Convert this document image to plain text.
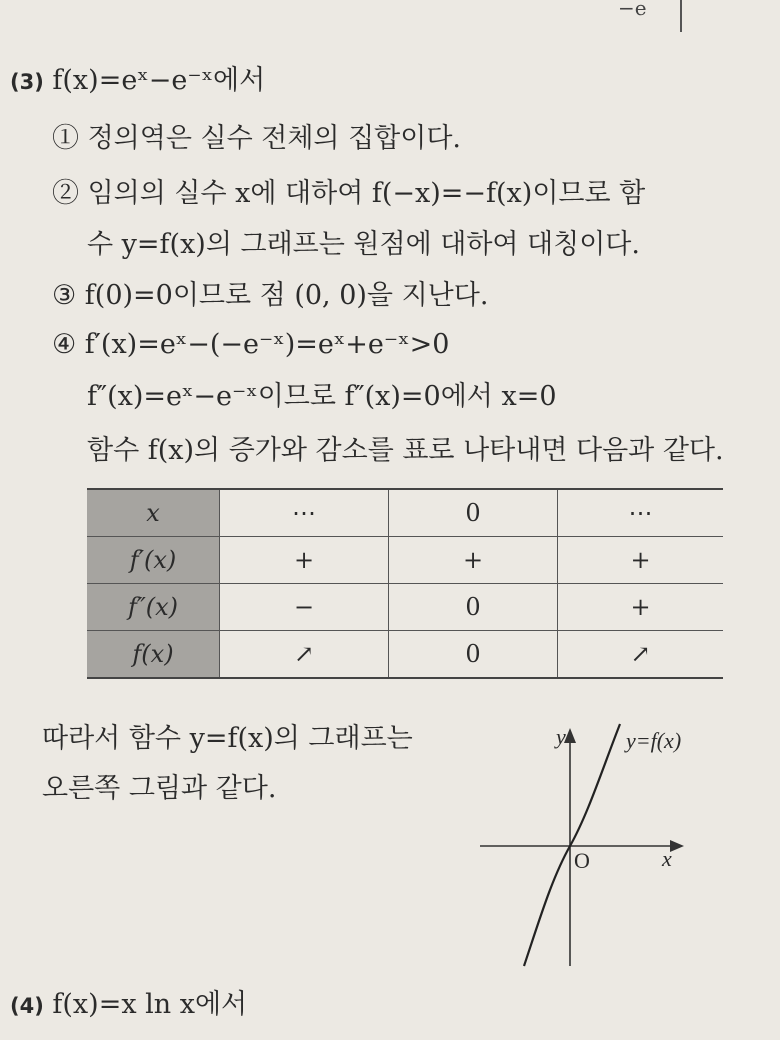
−e
(3) f(x)=eˣ−e⁻ˣ에서
① 정의역은 실수 전체의 집합이다.
② 임의의 실수 x에 대하여 f(−x)=−f(x)이므로 함
수 y=f(x)의 그래프는 원점에 대하여 대칭이다.
③ f(0)=0이므로 점 (0, 0)을 지난다.
④ f′(x)=eˣ−(−e⁻ˣ)=eˣ+e⁻ˣ>0
f″(x)=eˣ−e⁻ˣ이므로 f″(x)=0에서 x=0
함수 f(x)의 증가와 감소를 표로 나타내면 다음과 같다.
x	⋯	0	⋯
f′(x)	+	+	+
f″(x)	−	0	+
f(x)	↗	0	↗
따라서 함수 y=f(x)의 그래프는
오른쪽 그림과 같다.
y
x
O
y=f(x)
(4) f(x)=x ln x에서
